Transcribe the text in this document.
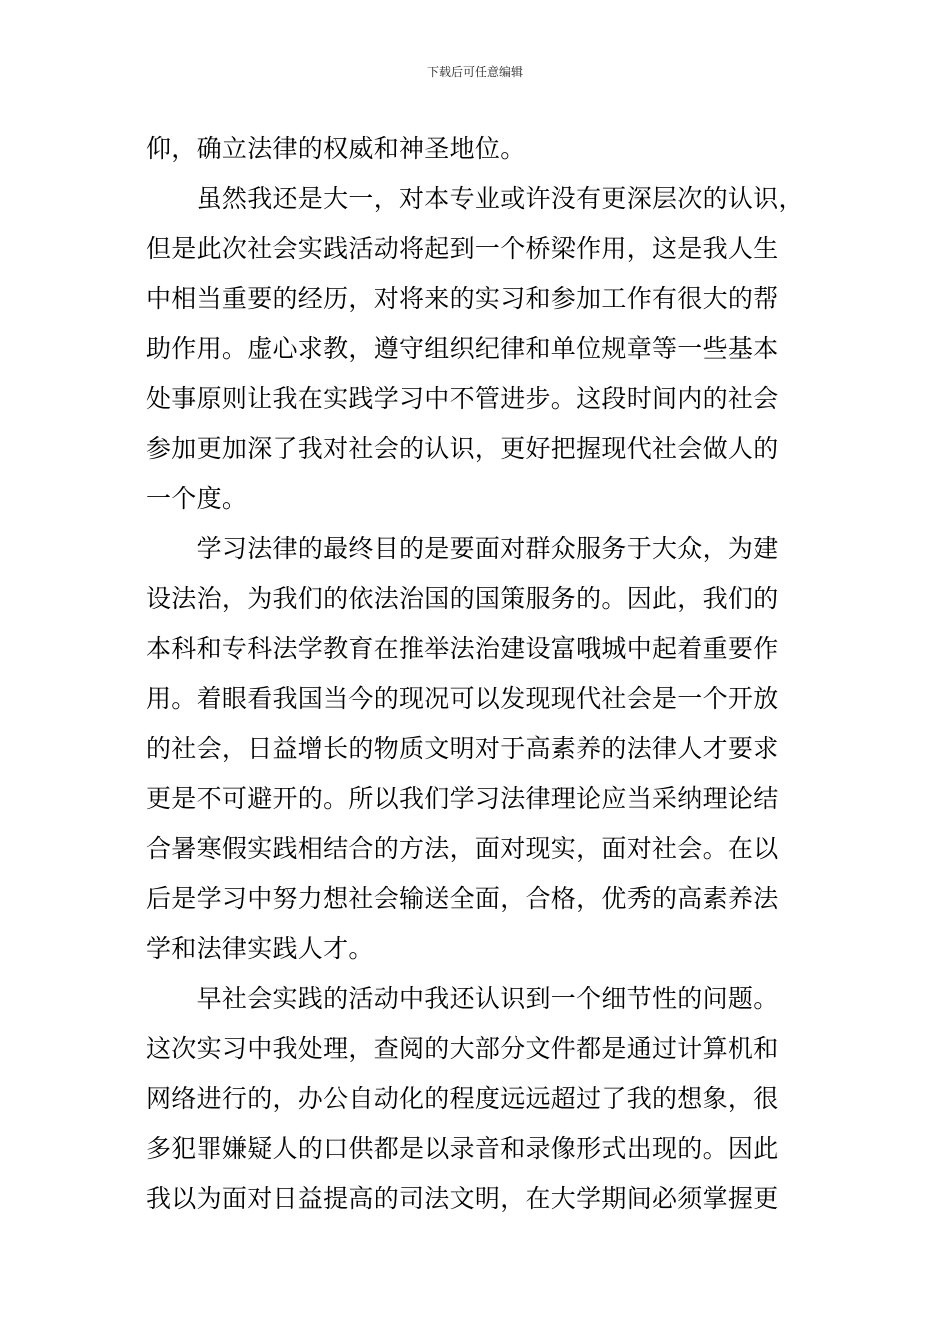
下载后可任意编辑
仰，确立法律的权威和神圣地位。
　　虽然我还是大一，对本专业或许没有更深层次的认识，
但是此次社会实践活动将起到一个桥梁作用，这是我人生
中相当重要的经历，对将来的实习和参加工作有很大的帮
助作用。虚心求教，遵守组织纪律和单位规章等一些基本
处事原则让我在实践学习中不管进步。这段时间内的社会
参加更加深了我对社会的认识，更好把握现代社会做人的
一个度。
　　学习法律的最终目的是要面对群众服务于大众，为建
设法治，为我们的依法治国的国策服务的。因此，我们的
本科和专科法学教育在推举法治建设富哦城中起着重要作
用。着眼看我国当今的现况可以发现现代社会是一个开放
的社会，日益增长的物质文明对于高素养的法律人才要求
更是不可避开的。所以我们学习法律理论应当采纳理论结
合暑寒假实践相结合的方法，面对现实，面对社会。在以
后是学习中努力想社会输送全面，合格，优秀的高素养法
学和法律实践人才。
　　早社会实践的活动中我还认识到一个细节性的问题。
这次实习中我处理，查阅的大部分文件都是通过计算机和
网络进行的，办公自动化的程度远远超过了我的想象，很
多犯罪嫌疑人的口供都是以录音和录像形式出现的。因此
我以为面对日益提高的司法文明，在大学期间必须掌握更
